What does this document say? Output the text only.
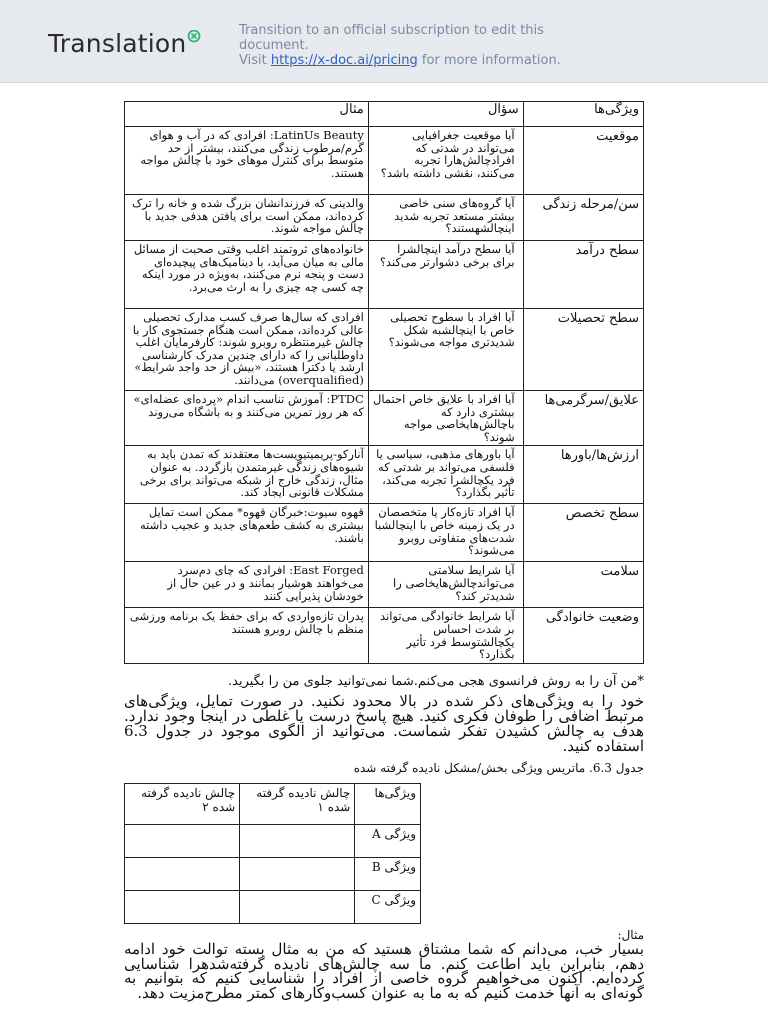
Translation	Transition to an official subscription to edit this document.
Visit https://x-doc.ai/pricing for more information.
ویژگی‌ها	سؤال	مثال
موقعیت	آیا موقعیت جغرافیایی می‌تواند در شدتی که افرادچالش‌هارا تجربه می‌کنند، نقشی داشته باشد؟	LatinUs Beauty: افرادی که در آب و هوای گرم/مرطوب زندگی می‌کنند، بیشتر از حد متوسط برای کنترل موهای خود با چالش مواجه هستند.
سن/مرحله زندگی	آیا گروه‌های سنی خاصی بیشتر مستعد تجربه شدید اینچالشهستند؟	والدینی که فرزندانشان بزرگ شده و خانه را ترک کرده‌اند، ممکن است برای یافتن هدفی جدید با چالش مواجه شوند.
سطح درآمد	آیا سطح درآمد اینچالشرا برای برخی دشوارتر می‌کند؟	خانواده‌های ثروتمند اغلب وقتی صحبت از مسائل مالی به میان می‌آید، با دینامیک‌های پیچیده‌ای دست و پنجه نرم می‌کنند، به‌ویژه در مورد اینکه چه کسی چه چیزی را به ارث می‌برد.
سطح تحصیلات	آیا افراد با سطوح تحصیلی خاص با اینچالشبه شکل شدیدتری مواجه می‌شوند؟	افرادی که سال‌ها صرف کسب مدارک تحصیلی عالی کرده‌اند، ممکن است هنگام جستجوی کار با چالش غیرمنتظره روبرو شوند: کارفرمایان اغلب داوطلبانی را که دارای چندین مدرک کارشناسی ارشد یا دکترا هستند، «بیش از حد واجد شرایط» (overqualified) می‌دانند.
علایق/سرگرمی‌ها	آیا افراد با علایق خاص احتمال بیشتری دارد که باچالش‌هایخاصی مواجه شوند؟	PTDC: آموزش تناسب اندام «پرده‌ای عضله‌ای» که هر روز تمرین می‌کنند و به باشگاه می‌روند
ارزش‌ها/باورها	آیا باورهای مذهبی، سیاسی یا فلسفی می‌تواند بر شدتی که فرد یکچالشرا تجربه می‌کند، تأثیر بگذارد؟	آنارکو-پریمیتیویست‌ها معتقدند که تمدن باید به شیوه‌های زندگی غیرمتمدن بازگردد. به عنوان مثال، زندگی خارج از شبکه می‌تواند برای برخی مشکلات قانونی ایجاد کند.
سطح تخصص	آیا افراد تازه‌کار یا متخصصان در یک زمینه خاص با اینچالشبا شدت‌های متفاوتی روبرو می‌شوند؟	قهوه سیوت:خبرگان قهوه* ممکن است تمایل بیشتری به کشف طعم‌های جدید و عجیب داشته باشند.
سلامت	آیا شرایط سلامتی می‌تواندچالش‌هایخاصی را شدیدتر کند؟	East Forged: افرادی که چای دم‌سرد می‌خواهند هوشیار بمانند و در عین حال از خودشان پذیرایی کنند
وضعیت خانوادگی	آیا شرایط خانوادگی می‌تواند بر شدت احساس یکچالشتوسط فرد تأثیر بگذارد؟	پدران تازه‌واردی که برای حفظ یک برنامه ورزشی منظم با چالش روبرو هستند
*من آن را به روش فرانسوی هجی می‌کنم.شما نمی‌توانید جلوی من را بگیرید.
خود را به ویژگی‌های ذکر شده در بالا محدود نکنید. در صورت تمایل، ویژگی‌های مرتبط اضافی را طوفان فکری کنید. هیچ پاسخ درست یا غلطی در اینجا وجود ندارد. هدف به چالش کشیدن تفکر شماست. می‌توانید از الگوی موجود در جدول 6.3 استفاده کنید.
جدول 6.3. ماتریس ویژگی بخش/مشکل نادیده گرفته شده
ویژگی‌ها	چالش نادیده گرفته شده ۱	چالش نادیده گرفته شده ۲
ویژگی A		
ویژگی B		
ویژگی C		
مثال:
بسیار خب، می‌دانم که شما مشتاق هستید که من به مثال بسته توالت خود ادامه دهم، بنابراین باید اطاعت کنم. ما سه چالش‌های نادیده گرفته‌شدهرا شناسایی کرده‌ایم. اکنون می‌خواهیم گروه خاصی از افراد را شناسایی کنیم که بتوانیم به گونه‌ای به آنها خدمت کنیم که به ما به عنوان کسب‌وکارهای کمتر مطرح‌مزیت دهد.
